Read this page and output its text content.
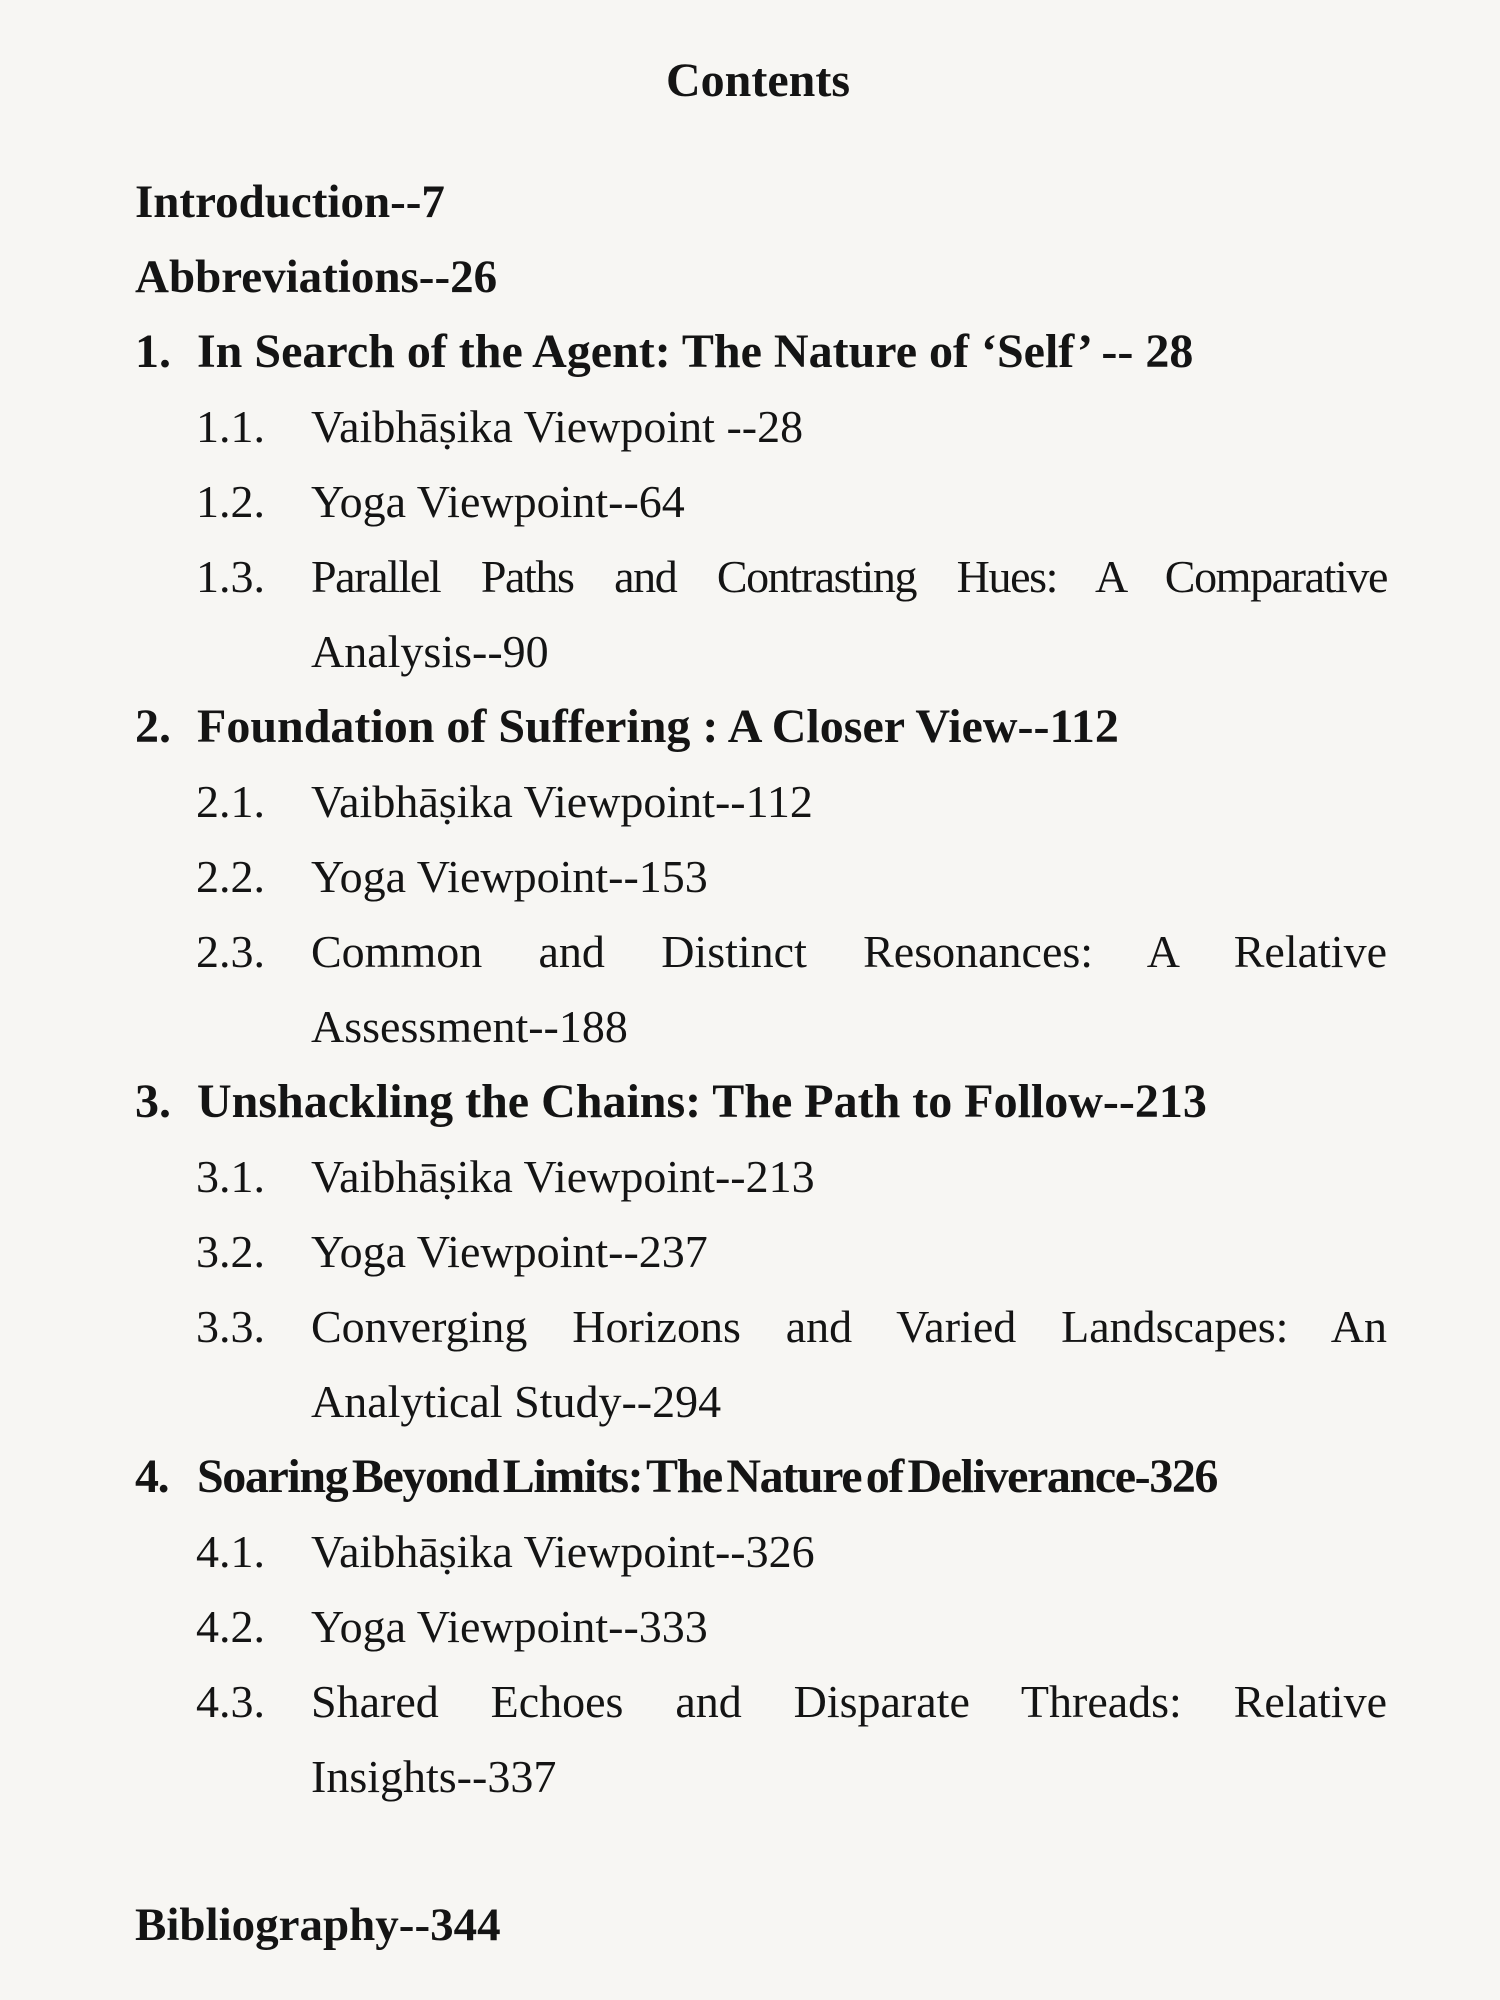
Contents
Introduction--7
Abbreviations--26
1. In Search of the Agent: The Nature of ‘Self’ -- 28
1.1. Vaibhāṣika Viewpoint --28
1.2. Yoga Viewpoint--64
1.3. Parallel Paths and Contrasting Hues: A Comparative
Analysis--90
2. Foundation of Suffering : A Closer View--112
2.1. Vaibhāṣika Viewpoint--112
2.2. Yoga Viewpoint--153
2.3. Common and Distinct Resonances: A Relative
Assessment--188
3. Unshackling the Chains: The Path to Follow--213
3.1. Vaibhāṣika Viewpoint--213
3.2. Yoga Viewpoint--237
3.3. Converging Horizons and Varied Landscapes: An
Analytical Study--294
4. Soaring Beyond Limits: The Nature of Deliverance-326
4.1. Vaibhāṣika Viewpoint--326
4.2. Yoga Viewpoint--333
4.3. Shared Echoes and Disparate Threads: Relative
Insights--337
Bibliography--344
